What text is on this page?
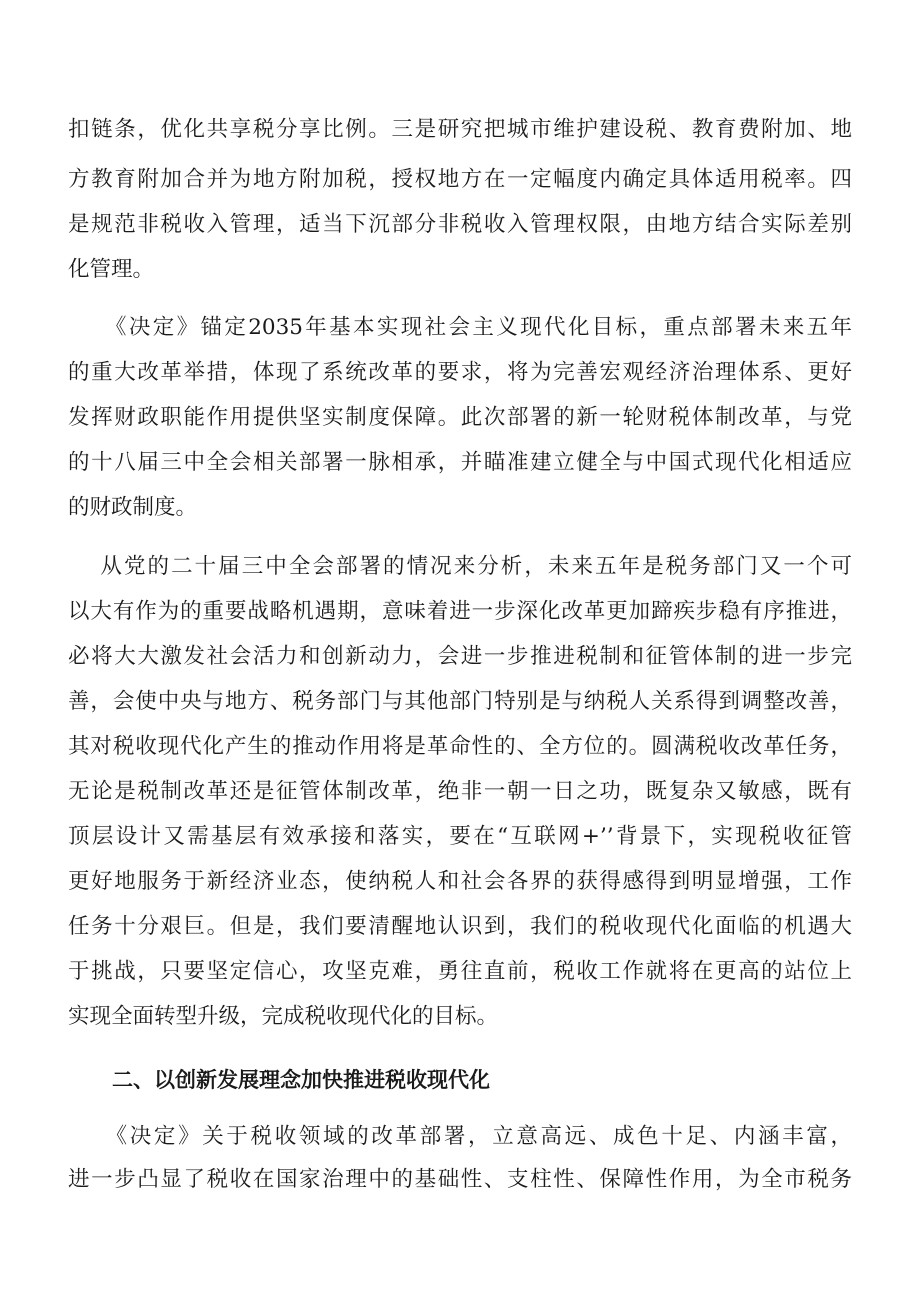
扣链条，优化共享税分享比例。三是研究把城市维护建设税、教育费附加、地
方教育附加合并为地方附加税，授权地方在一定幅度内确定具体适用税率。四
是规范非税收入管理，适当下沉部分非税收入管理权限，由地方结合实际差别
化管理。
　　《决定》锚定2035年基本实现社会主义现代化目标，重点部署未来五年
的重大改革举措，体现了系统改革的要求，将为完善宏观经济治理体系、更好
发挥财政职能作用提供坚实制度保障。此次部署的新一轮财税体制改革，与党
的十八届三中全会相关部署一脉相承，并瞄准建立健全与中国式现代化相适应
的财政制度。
　 从党的二十届三中全会部署的情况来分析，未来五年是税务部门又一个可
以大有作为的重要战略机遇期，意味着进一步深化改革更加蹄疾步稳有序推进，
必将大大激发社会活力和创新动力，会进一步推进税制和征管体制的进一步完
善，会使中央与地方、税务部门与其他部门特别是与纳税人关系得到调整改善，
其对税收现代化产生的推动作用将是革命性的、全方位的。圆满税收改革任务，
无论是税制改革还是征管体制改革，绝非一朝一日之功，既复杂又敏感，既有
顶层设计又需基层有效承接和落实，要在“互联网+’’背景下，实现税收征管
更好地服务于新经济业态，使纳税人和社会各界的获得感得到明显增强，工作
任务十分艰巨。但是，我们要清醒地认识到，我们的税收现代化面临的机遇大
于挑战，只要坚定信心，攻坚克难，勇往直前，税收工作就将在更高的站位上
实现全面转型升级，完成税收现代化的目标。
二、以创新发展理念加快推进税收现代化
　　《决定》关于税收领域的改革部署，立意高远、成色十足、内涵丰富，
进一步凸显了税收在国家治理中的基础性、支柱性、保障性作用，为全市税务
